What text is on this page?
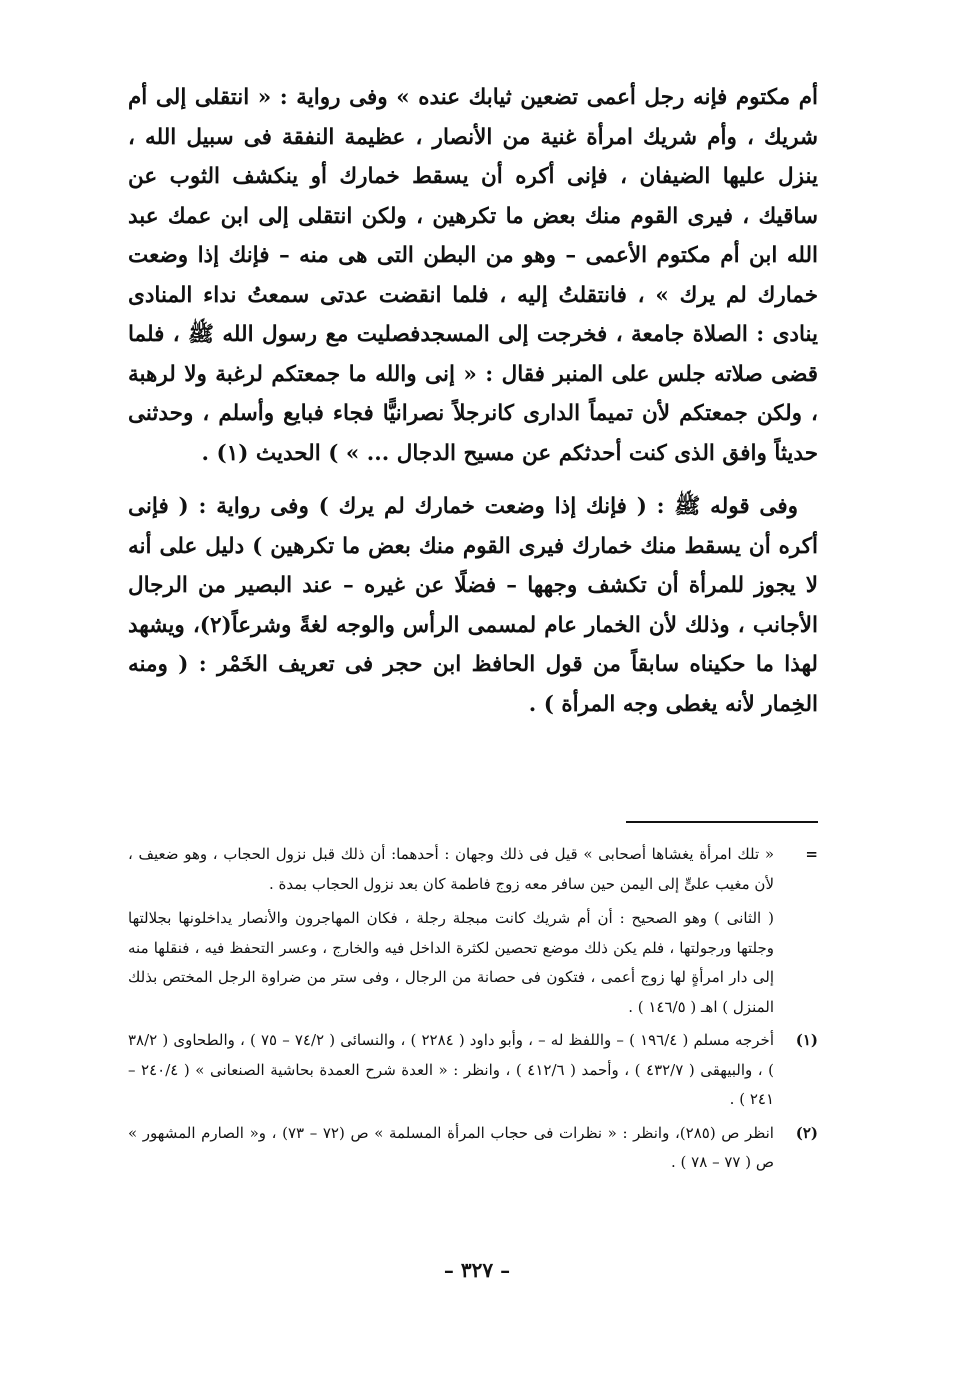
أم مكتوم فإنه رجل أعمى تضعين ثيابك عنده » وفى رواية : « انتقلى إلى أم شريك ، وأم شريك امرأة غنية من الأنصار ، عظيمة النفقة فى سبيل الله ، ينزل عليها الضيفان ، فإنى أكره أن يسقط خمارك أو ينكشف الثوب عن ساقيك ، فيرى القوم منك بعض ما تكرهين ، ولكن انتقلى إلى ابن عمك عبد الله ابن أم مكتوم الأعمى – وهو من البطن التى هى منه – فإنك إذا وضعت خمارك لم يرك » ، فانتقلتُ إليه ، فلما انقضت عدتى سمعتُ نداء المنادى ينادى : الصلاة جامعة ، فخرجت إلى المسجدفصليت مع رسول الله ﷺ ، فلما قضى صلاته جلس على المنبر فقال : « إنى والله ما جمعتكم لرغبة ولا لرهبة ، ولكن جمعتكم لأن تميماً الدارى كانرجلاً نصرانيًّا فجاء فبايع وأسلم ، وحدثنى حديثاً وافق الذى كنت أحدثكم عن مسيح الدجال ... » ) الحديث (١) .

وفى قوله ﷺ : ( فإنك إذا وضعت خمارك لم يرك ) وفى رواية : ( فإنى أكره أن يسقط منك خمارك فيرى القوم منك بعض ما تكرهين ) دليل على أنه لا يجوز للمرأة أن تكشف وجهها – فضلًا عن غيره – عند البصير من الرجال الأجانب ، وذلك لأن الخمار عام لمسمى الرأس والوجه لغةً وشرعاً(٢)، ويشهد لهذا ما حكيناه سابقاً من قول الحافظ ابن حجر فى تعريف الخَمْر : ( ومنه الخِمار لأنه يغطى وجه المرأة ) .

=

« تلك امرأة يغشاها أصحابى » قيل فى ذلك وجهان : أحدهما: أن ذلك قبل نزول الحجاب ، وهو ضعيف ، لأن مغيب علىٍّ إلى اليمن حين سافر معه زوج فاطمة كان بعد نزول الحجاب بمدة .

( الثانى ) وهو الصحيح : أن أم شريك كانت مبجلة رجلة ، فكان المهاجرون والأنصار يداخلونها بجلالتها وجلتها ورجولتها ، فلم يكن ذلك موضع تحصين لكثرة الداخل فيه والخارج ، وعسر التحفظ فيه ، فنقلها منه إلى دار امرأةٍ لها زوج أعمى ، فتكون فى حصانة من الرجال ، وفى ستر من ضراوة الرجل المختص بذلك المنزل ) اهـ ( ١٤٦/٥ ) .

(١)

أخرجه مسلم ( ١٩٦/٤ ) – واللفظ له – ، وأبو داود ( ٢٢٨٤ ) ، والنسائى ( ٧٤/٢ – ٧٥ ) ، والطحاوى ( ٣٨/٢ ) ، والبيهقى ( ٤٣٢/٧ ) ، وأحمد ( ٤١٢/٦ ) ، وانظر : « العدة شرح العمدة بحاشية الصنعانى » ( ٢٤٠/٤ – ٢٤١ ) .

(٢)

انظر ص (٢٨٥)، وانظر : « نظرات فى حجاب المرأة المسلمة » ص (٧٢ – ٧٣) ، و« الصارم المشهور » ص ( ٧٧ – ٧٨ ) .

– ٣٢٧ –
